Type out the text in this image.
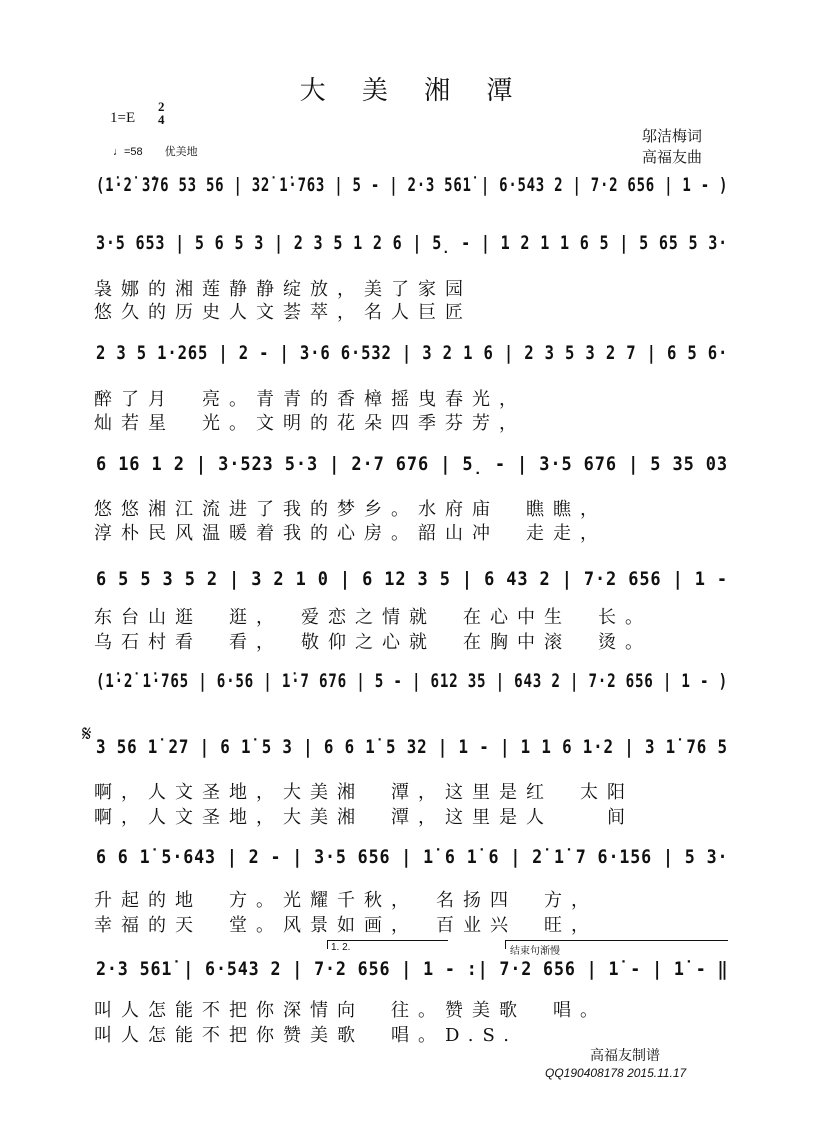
大 美 湘 潭
1=E
2
4
♩=58　　优美地
邬洁梅词
高福友曲
(1̇·2̇ 3̇76 53 56 | 32̇ 1̇·763 | 5 - | 2·3 561̇ | 6·543 2 | 7·2 656 | 1 - )
3·5 653 | 5 6 5 3 | 2 3 5 1 2 6 | 5̣ - | 1 2 1 1 6 5 | 5 65 5 3·
袅娜的湘莲静静绽放，美了家园
悠久的历史人文荟萃，名人巨匠
2 3 5 1·265 | 2 - | 3·6 6·532 | 3 2 1 6 | 2 3 5 3 2 7 | 6 5 6·
醉了月　亮。青青的香樟摇曳春光，
灿若星　光。文明的花朵四季芬芳，
6 16 1 2 | 3·523 5·3 | 2·7 676 | 5̣ - | 3·5 676 | 5 35 03
悠悠湘江流进了我的梦乡。水府庙　瞧瞧，
淳朴民风温暖着我的心房。韶山冲　走走，
6 5 5 3 5 2 | 3 2 1 0 | 6 12 3 5 | 6 43 2 | 7·2 656 | 1 -
东台山逛　逛，　爱恋之情就　在心中生　长。
乌石村看　看，　敬仰之心就　在胸中滚　烫。
(1̇·2̇ 1̇·765 | 6·56 | 1̇·7 676 | 5 - | 612 35 | 643 2 | 7·2 656 | 1 - )
𝄋 3 56 1̇ 27 | 6 1̇ 5 3 | 6 6 1̇ 5 32 | 1 - | 1 1 6 1·2 | 3 1̇ 76 5
啊，人文圣地，大美湘　潭，这里是红　太阳
啊，人文圣地，大美湘　潭，这里是人　　间
6 6 1̇ 5·643 | 2 - | 3·5 656 | 1̇ 6 1̇ 6 | 2̇ 1̇ 7 6·156 | 5 3·
升起的地　方。光耀千秋，　名扬四　方，
幸福的天　堂。风景如画，　百业兴　旺，
1. 2.	结束句渐慢
2·3 561̇ | 6·543 2 | 7·2 656 | 1 - :| 7·2 656 | 1̇ - | 1̇ - ‖
叫人怎能不把你深情向　往。赞美歌　唱。
叫人怎能不把你赞美歌　唱。D.S.
高福友制谱
QQ190408178 2015.11.17
